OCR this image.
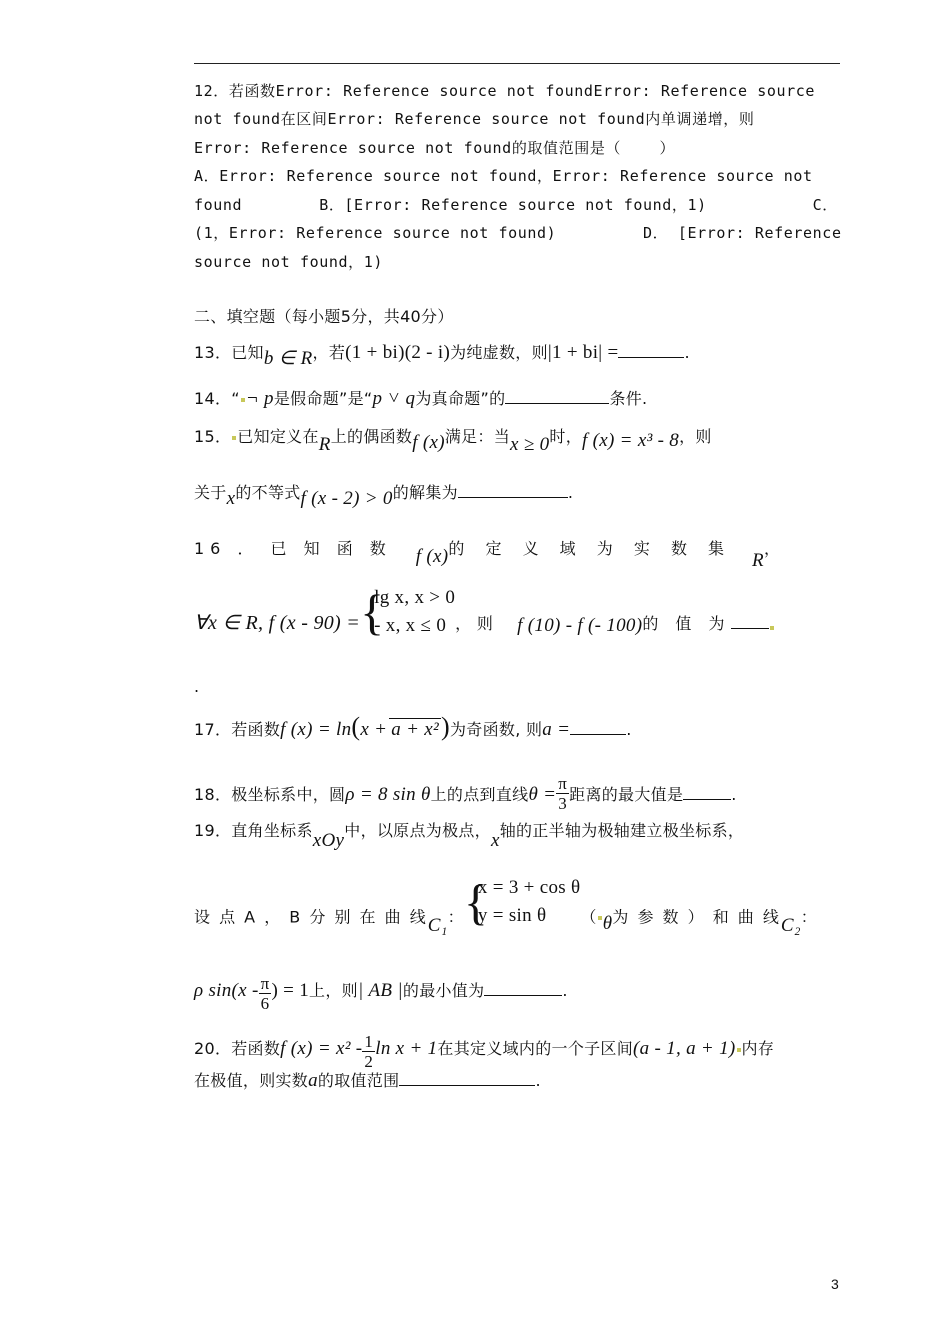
12．若函数Error: Reference source not foundError: Reference source
not found在区间Error: Reference source not found内单调递增，则
Error: Reference source not found的取值范围是（    ）
A．Error: Reference source not found，Error: Reference source not
found        B．[Error: Reference source not found，1)           C．
(1，Error: Reference source not found)         D． [Error: Reference
source not found，1)
二、填空题（每小题5分，共40分）
13．已知b ∈ R，若(1 + bi)(2 - i)为纯虚数，则|1 + bi| =	.
14．“ ¬ p是假命题”是“p ˅ q为真命题”的	条件.
15． 已知定义在R上的偶函数f (x)满足：当x ≥ 0时，f (x) = x³ - 8，则
关于x的不等式f (x - 2) > 0的解集为	.
16 ． 已 知 函 数 f (x)的 定 义 域 为 实 数 集R，
∀x ∈ R, f (x - 90) = {
lg x, x > 0
- x, x ≤ 0 ， 则 f (10) - f (- 100)的 值 为
.
17．若函数f (x) = ln(x + a + x²)为奇函数, 则a =	.
18．极坐标系中，圆ρ = 8 sin θ上的点到直线$\theta = \frac{\pi}{3}$ 距离的最大值是	.
19．直角坐标系xOy中，以原点为极点，x轴的正半轴为极轴建立极坐标系，
设 点 A ， B 分 别 在 曲 线C₁： {
x = 3 + cos θ
y = sin θ	（ θ为 参 数 ） 和 曲 线C₂：
ρ $\sin(x - \frac{\pi}{6}$ ) = 1上，则| AB |的最小值为	.
20．若函数f $(x) = x^2 - \frac{1}{2}$ ln x + 1在其定义域内的一个子区间(a - 1, a + 1) 内存
在极值，则实数a的取值范围	.
3
